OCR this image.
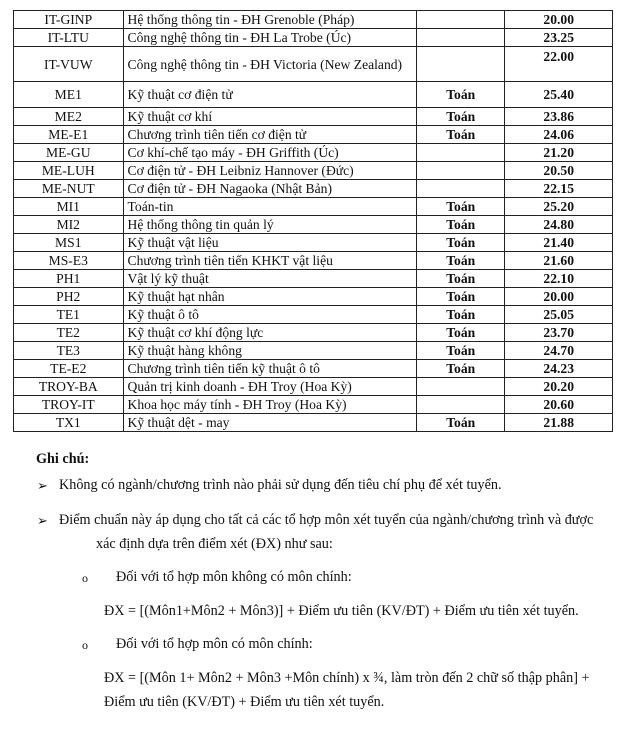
IT-GINP	Hệ thống thông tin - ĐH Grenoble (Pháp)		20.00
IT-LTU	Công nghệ thông tin - ĐH La Trobe (Úc)		23.25
IT-VUW	Công nghệ thông tin - ĐH Victoria (New Zealand)		22.00
ME1	Kỹ thuật cơ điện tử	Toán	25.40
ME2	Kỹ thuật cơ khí	Toán	23.86
ME-E1	Chương trình tiên tiến cơ điện tử	Toán	24.06
ME-GU	Cơ khí-chế tạo máy - ĐH Griffith (Úc)		21.20
ME-LUH	Cơ điện tử - ĐH Leibniz Hannover (Đức)		20.50
ME-NUT	Cơ điện tử - ĐH Nagaoka (Nhật Bản)		22.15
MI1	Toán-tin	Toán	25.20
MI2	Hệ thống thông tin quản lý	Toán	24.80
MS1	Kỹ thuật vật liệu	Toán	21.40
MS-E3	Chương trình tiên tiến KHKT vật liệu	Toán	21.60
PH1	Vật lý kỹ thuật	Toán	22.10
PH2	Kỹ thuật hạt nhân	Toán	20.00
TE1	Kỹ thuật ô tô	Toán	25.05
TE2	Kỹ thuật cơ khí động lực	Toán	23.70
TE3	Kỹ thuật hàng không	Toán	24.70
TE-E2	Chương trình tiên tiến kỹ thuật ô tô	Toán	24.23
TROY-BA	Quản trị kinh doanh - ĐH Troy (Hoa Kỳ)		20.20
TROY-IT	Khoa học máy tính - ĐH Troy (Hoa Kỳ)		20.60
TX1	Kỹ thuật dệt - may	Toán	21.88
Ghi chú:
➢ Không có ngành/chương trình nào phải sử dụng đến tiêu chí phụ để xét tuyển.
➢ Điểm chuẩn này áp dụng cho tất cả các tổ hợp môn xét tuyển của ngành/chương trình và được
xác định dựa trên điểm xét (ĐX) như sau:
o Đối với tổ hợp môn không có môn chính:
ĐX = [(Môn1+Môn2 + Môn3)] + Điểm ưu tiên (KV/ĐT) + Điểm ưu tiên xét tuyển.
o Đối với tổ hợp môn có môn chính:
ĐX = [(Môn 1+ Môn2 + Môn3 +Môn chính) x ¾, làm tròn đến 2 chữ số thập phân] +
Điểm ưu tiên (KV/ĐT) + Điểm ưu tiên xét tuyển.
